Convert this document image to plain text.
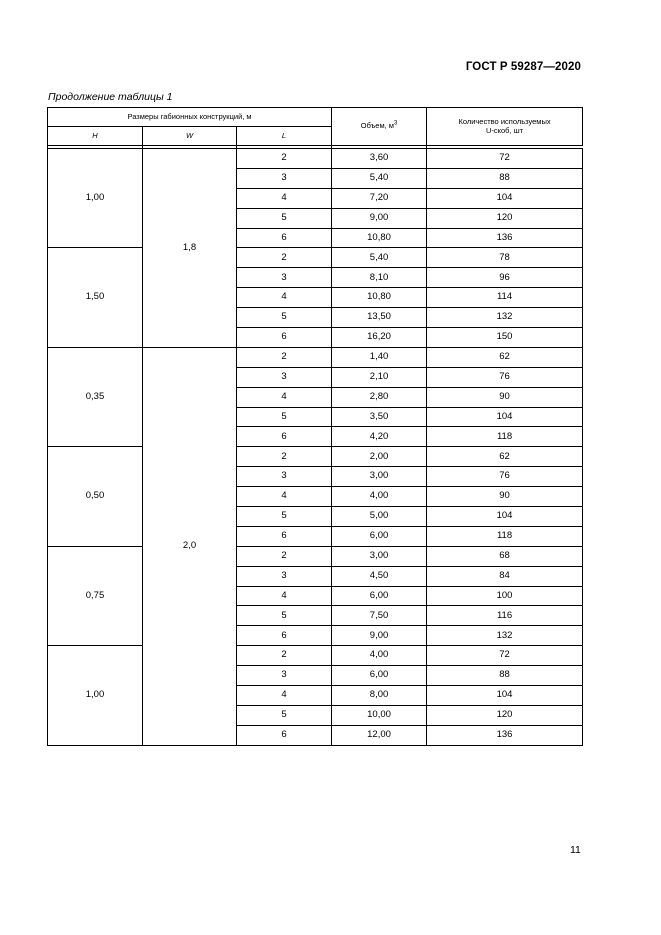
ГОСТ Р 59287—2020
Продолжение таблицы 1
Размеры габионных конструкций, м			Объем, $м^3$	Количество используемых
U-скоб, шт
H	W	L		

1,00	1,8	2	3,60	72
		3	5,40	88
		4	7,20	104
		5	9,00	120
		6	10,80	136
1,50		2	5,40	78
		3	8,10	96
		4	10,80	114
		5	13,50	132
		6	16,20	150
0,35	2,0	2	1,40	62
		3	2,10	76
		4	2,80	90
		5	3,50	104
		6	4,20	118
0,50		2	2,00	62
		3	3,00	76
		4	4,00	90
		5	5,00	104
		6	6,00	118
0,75		2	3,00	68
		3	4,50	84
		4	6,00	100
		5	7,50	116
		6	9,00	132
1,00		2	4,00	72
		3	6,00	88
		4	8,00	104
		5	10,00	120
		6	12,00	136
11
